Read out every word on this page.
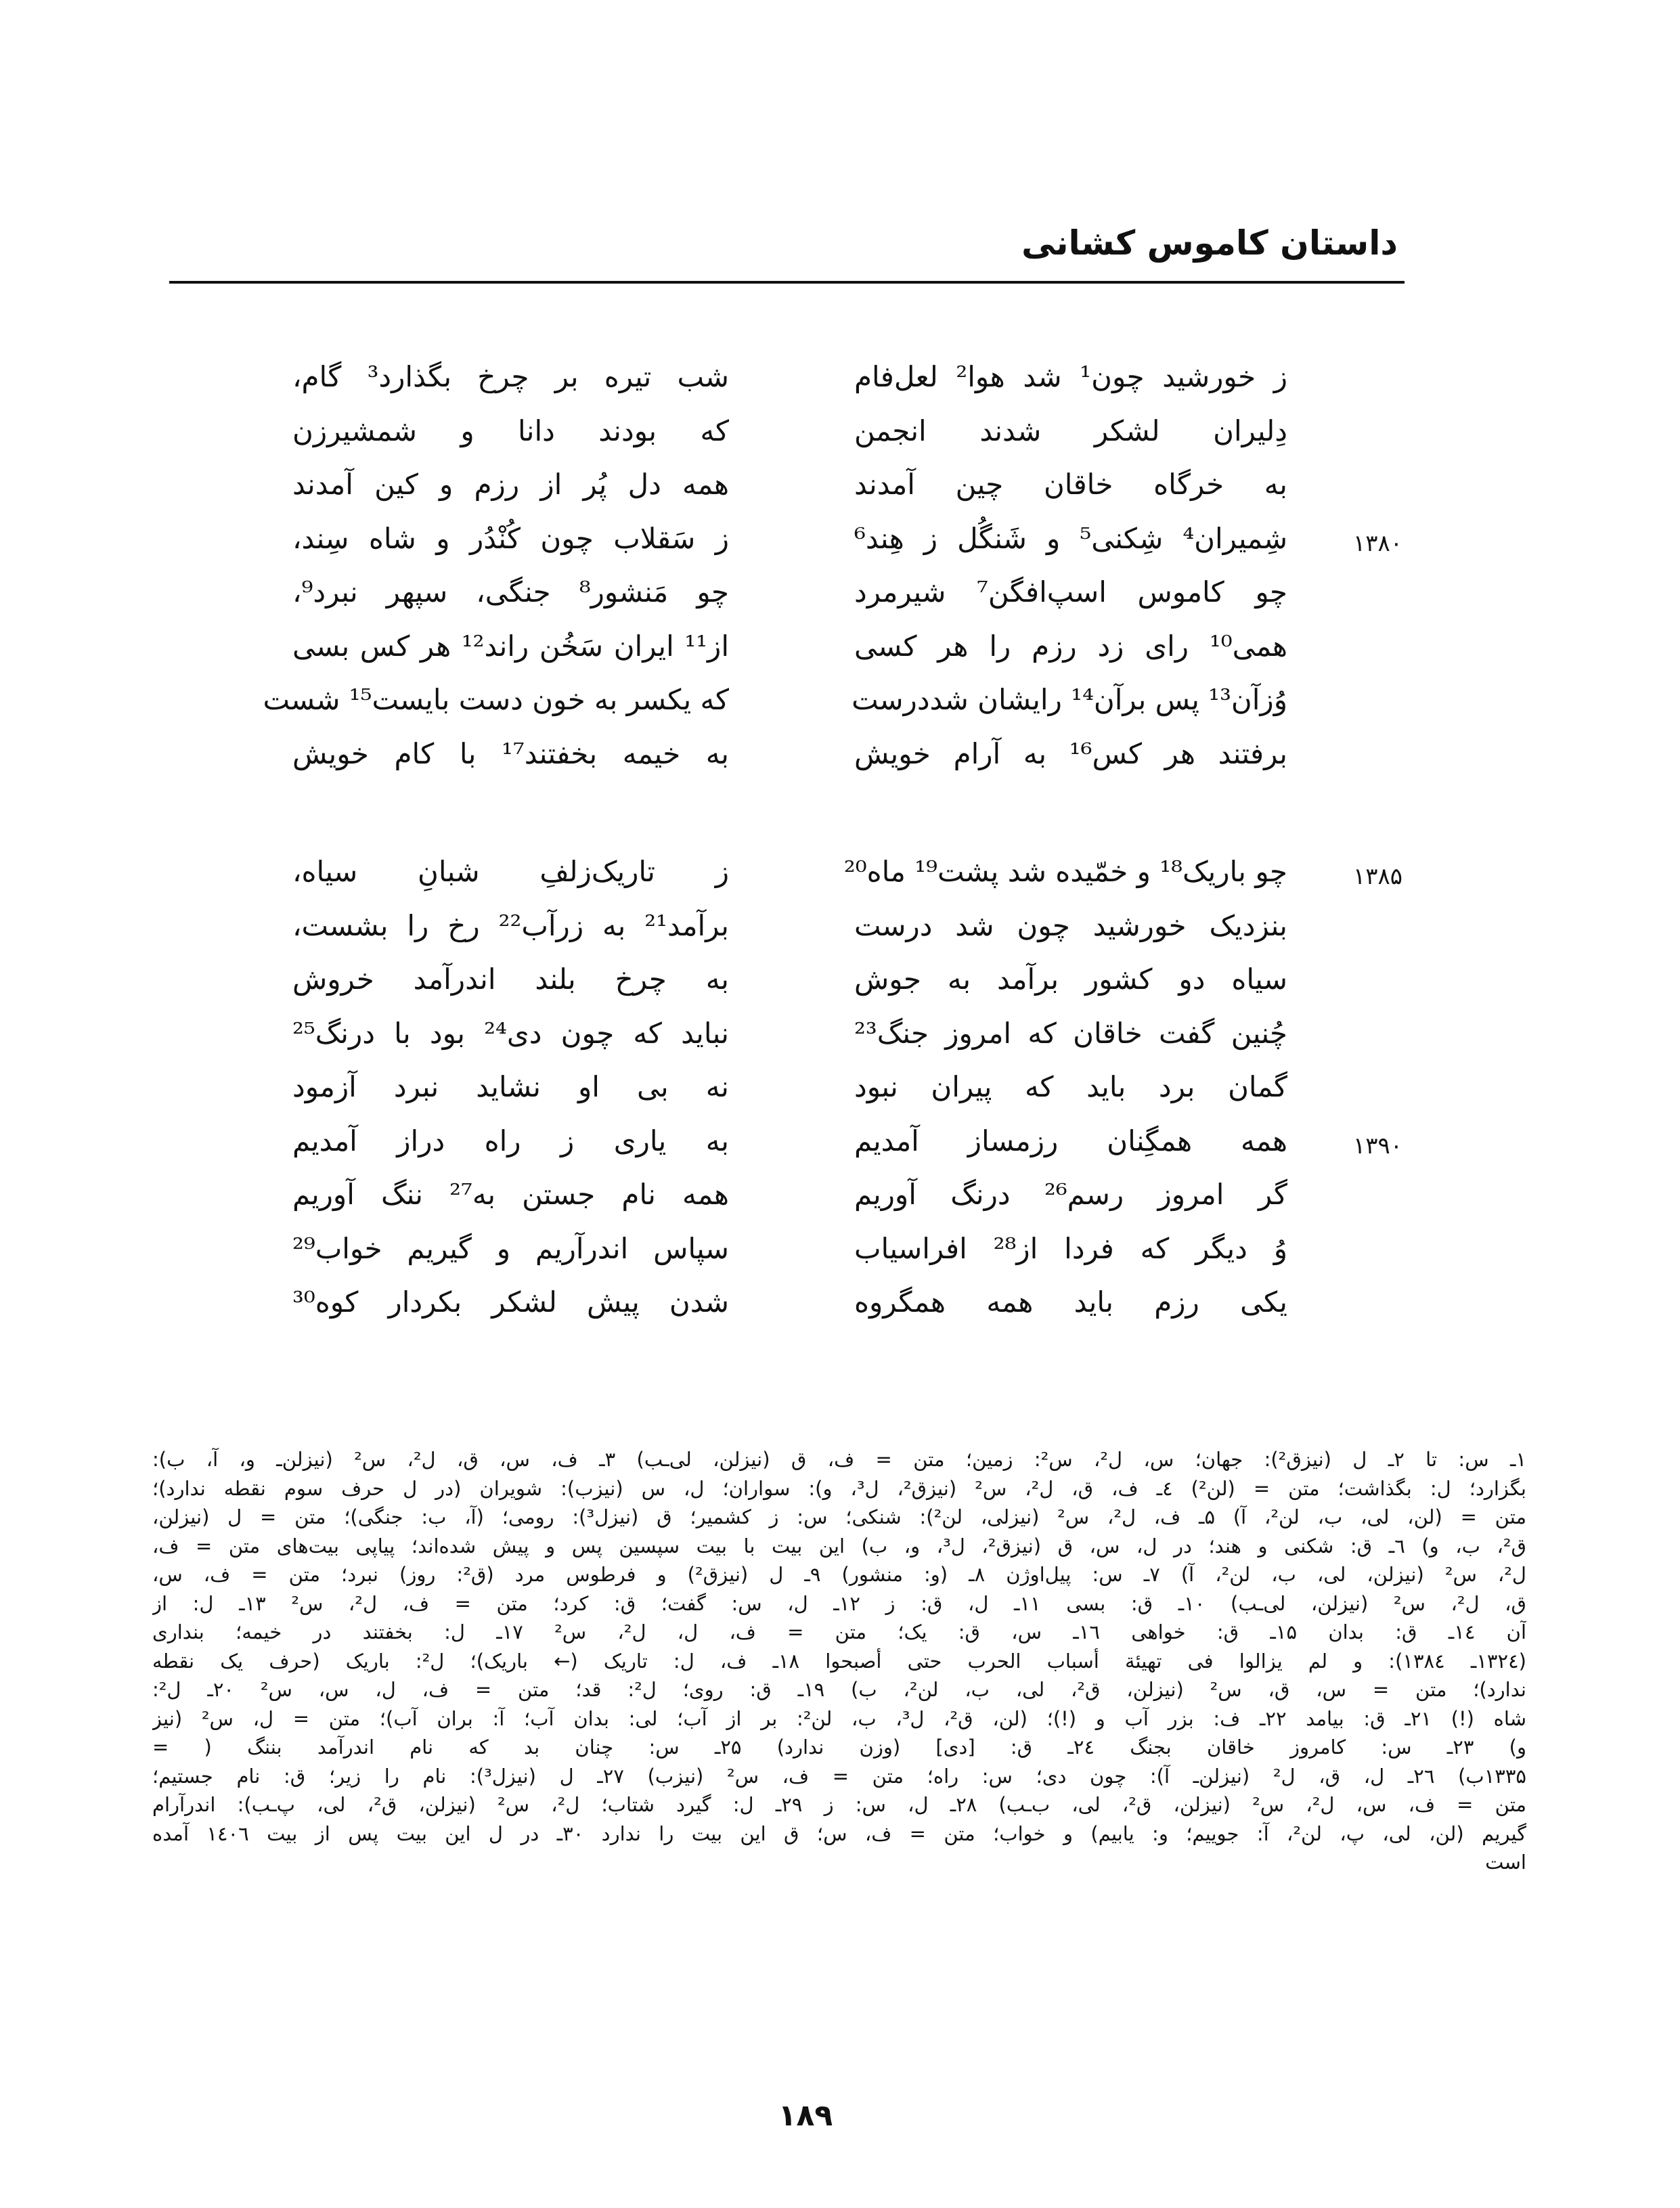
داستان کاموس کشانی
ز خورشید چون¹ شد هوا² لعل‌فام
شب تیره بر چرخ بگذارد³ گام،
دِلیران لشکر شدند انجمن
که بودند دانا و شمشیرزن
به خرگاه خاقان چین آمدند
همه دل پُر از رزم و کین آمدند
۱۳۸۰
شِمیران⁴ شِکنی⁵ و شَنگُل ز هِند⁶
ز سَقلاب چون کُنْدُر و شاه سِند،
چو کاموس اسپ‌افگن⁷ شیرمرد
چو مَنشور⁸ جنگی، سپهر نبرد⁹،
همی¹⁰ رای زد رزم را هر کسی
از¹¹ ایران سَخُن راند¹² هر کس بسی
وُزآن¹³ پس برآن¹⁴ رایشان شددرست
که یکسر به خون دست بایست¹⁵ شست
برفتند هر کس¹⁶ به آرام خویش
به خیمه بخفتند¹⁷ با کام خویش
۱۳۸۵
چو باریک¹⁸ و خمّیده شد پشت¹⁹ ماه²⁰
ز تاریک‌زلفِ شبانِ سیاه،
بنزدیک خورشید چون شد درست
برآمد²¹ به زرآب²² رخ را بشست،
سیاه دو کشور برآمد به جوش
به چرخ بلند اندرآمد خروش
چُنین گفت خاقان که امروز جنگ²³
نباید که چون دی²⁴ بود با درنگ²⁵
گمان برد باید که پیران نبود
نه بی او نشاید نبرد آزمود
۱۳۹۰
همه همگِنان رزمساز آمدیم
به یاری ز راه دراز آمدیم
گر امروز رسم²⁶ درنگ آوریم
همه نام جستن به²⁷ ننگ آوریم
وُ دیگر که فردا از²⁸ افراسیاب
سپاس اندرآریم و گیریم خواب²⁹
یکی رزم باید همه همگروه
شدن پیش لشکر بکردار کوه³⁰
۱ـ س: تا ۲ـ ل (نیزق²): جهان؛ س، ل²، س²: زمین؛ متن = ف، ق (نیزلن، لی‌ـب) ۳ـ ف، س، ق، ل²، س² (نیزلن‌ـ و، آ، ب):
بگزارد؛ ل: بگذاشت؛ متن = (لن²) ٤ـ ف، ق، ل²، س² (نیزق²، ل³، و): سواران؛ ل، س (نیزب): شویران (در ل حرف سوم نقطه ندارد)؛
متن = (لن، لی، ب، لن²، آ) ۵ـ ف، ل²، س² (نیزلی، لن²): شنکی؛ س: ز کشمیر؛ ق (نیزل³): رومی؛ (آ، ب: جنگی)؛ متن = ل (نیزلن،
ق²، ب، و) ٦ـ ق: شکنی و هند؛ در ل، س، ق (نیزق²، ل³، و، ب) این بیت با بیت سپسین پس و پیش شده‌اند؛ پیاپی بیت‌های متن = ف،
ل²، س² (نیزلن، لی، ب، لن²، آ) ۷ـ س: پیل‌اوژن ۸ـ (و: منشور) ۹ـ ل (نیزق²) و فرطوس مرد (ق²: روز) نبرد؛ متن = ف، س،
ق، ل²، س² (نیزلن، لی‌ـب) ۱۰ـ ق: بسی ۱۱ـ ل، ق: ز ۱۲ـ ل، س: گفت؛ ق: کرد؛ متن = ف، ل²، س² ۱۳ـ ل: از
آن ۱٤ـ ق: بدان ۱۵ـ ق: خواهی ۱٦ـ س، ق: یک؛ متن = ف، ل، ل²، س² ۱۷ـ ل: بخفتند در خیمه؛ بنداری
(۱۳۲٤ـ ۱۳۸٤): و لم یزالوا فی تهیئة أسباب الحرب حتی أصبحوا ۱۸ـ ف، ل: تاریک (← باریک)؛ ل²: باریک (حرف یک نقطه
ندارد)؛ متن = س، ق، س² (نیزلن، ق²، لی، ب، لن²، ب) ۱۹ـ ق: روی؛ ل²: قد؛ متن = ف، ل، س، س² ۲۰ـ ل²:
شاه (!) ۲۱ـ ق: بیامد ۲۲ـ ف: بزر آب و (!)؛ (لن، ق²، ل³، ب، لن²: بر از آب؛ لی: بدان آب؛ آ: بران آب)؛ متن = ل، س² (نیز
و) ۲۳ـ س: کامروز خاقان بجنگ ۲٤ـ ق: [دی] (وزن ندارد) ۲۵ـ س: چنان بد که نام اندرآمد بننگ ( =
۱۳۳۵ب) ۲٦ـ ل، ق، ل² (نیزلن‌ـ آ): چون دی؛ س: راه؛ متن = ف، س² (نیزب) ۲۷ـ ل (نیزل³): نام را زیر؛ ق: نام جستیم؛
متن = ف، س، ل²، س² (نیزلن، ق²، لی، ب‌ـب) ۲۸ـ ل، س: ز ۲۹ـ ل: گیرد شتاب؛ ل²، س² (نیزلن، ق²، لی، پ‌ـب): اندرآرام
گیریم (لن، لی، پ، لن²، آ: جوییم؛ و: یابیم) و خواب؛ متن = ف، س؛ ق این بیت را ندارد ۳۰ـ در ل این بیت پس از بیت ۱٤۰٦ آمده
است
۱۸۹
